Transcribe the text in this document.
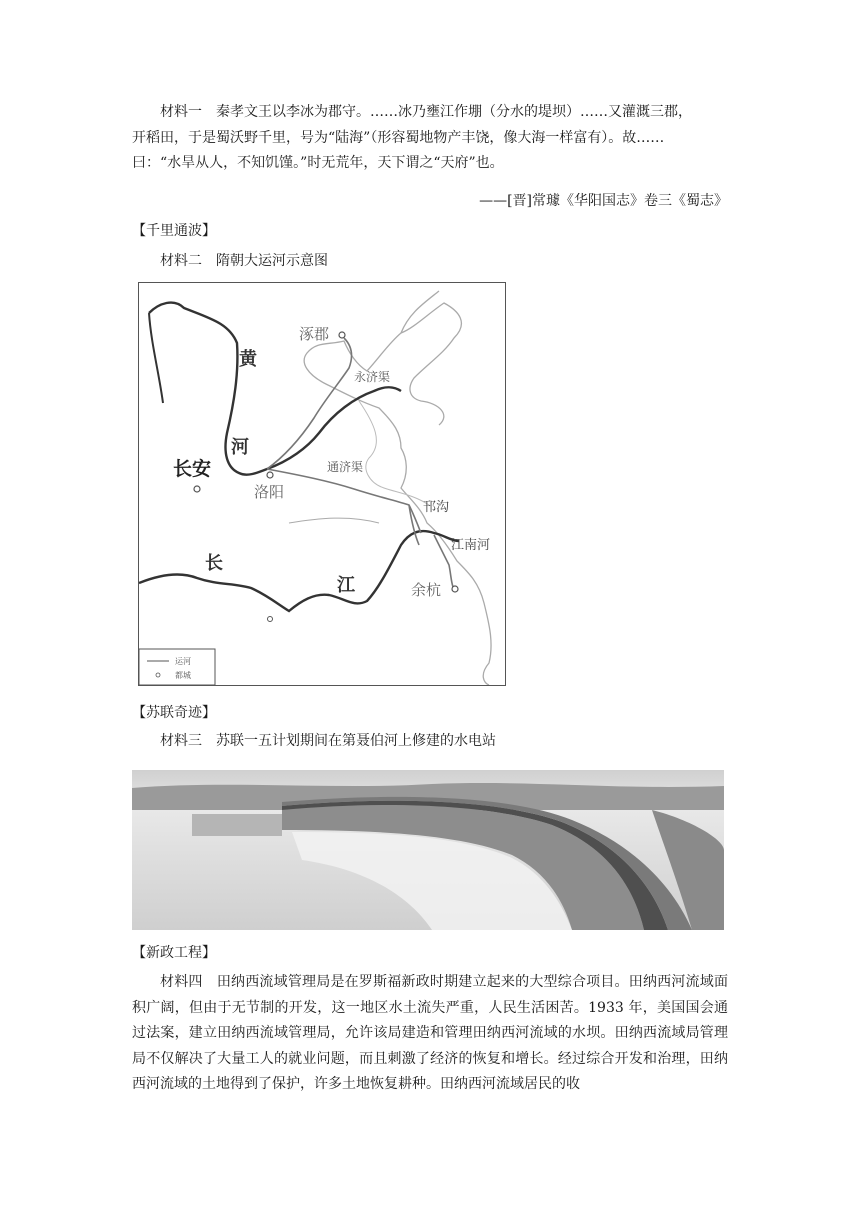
材料一　秦孝文王以李冰为郡守。……冰乃壅江作堋（分水的堤坝）……又灌溉三郡，
开稻田，于是蜀沃野千里，号为“陆海”（形容蜀地物产丰饶，像大海一样富有）。故……
曰：“水旱从人，不知饥馑。”时无荒年，天下谓之“天府”也。
——[晋]常璩《华阳国志》卷三《蜀志》
【千里通波】
材料二　隋朝大运河示意图
涿郡
永济渠
黄
河
长安
洛阳
通济渠
邗沟
江南河
长
江	余杭
运河
都城
【苏联奇迹】
材料三　苏联一五计划期间在第聂伯河上修建的水电站
【新政工程】

材料四　田纳西流域管理局是在罗斯福新政时期建立起来的大型综合项目。田纳西河流域面积广阔，但由于无节制的开发，这一地区水土流失严重，人民生活困苦。1933 年，美国国会通过法案，建立田纳西流域管理局，允许该局建造和管理田纳西河流域的水坝。田纳西流域局管理局不仅解决了大量工人的就业问题，而且刺激了经济的恢复和增长。经过综合开发和治理，田纳西河流域的土地得到了保护，许多土地恢复耕种。田纳西河流域居民的收
